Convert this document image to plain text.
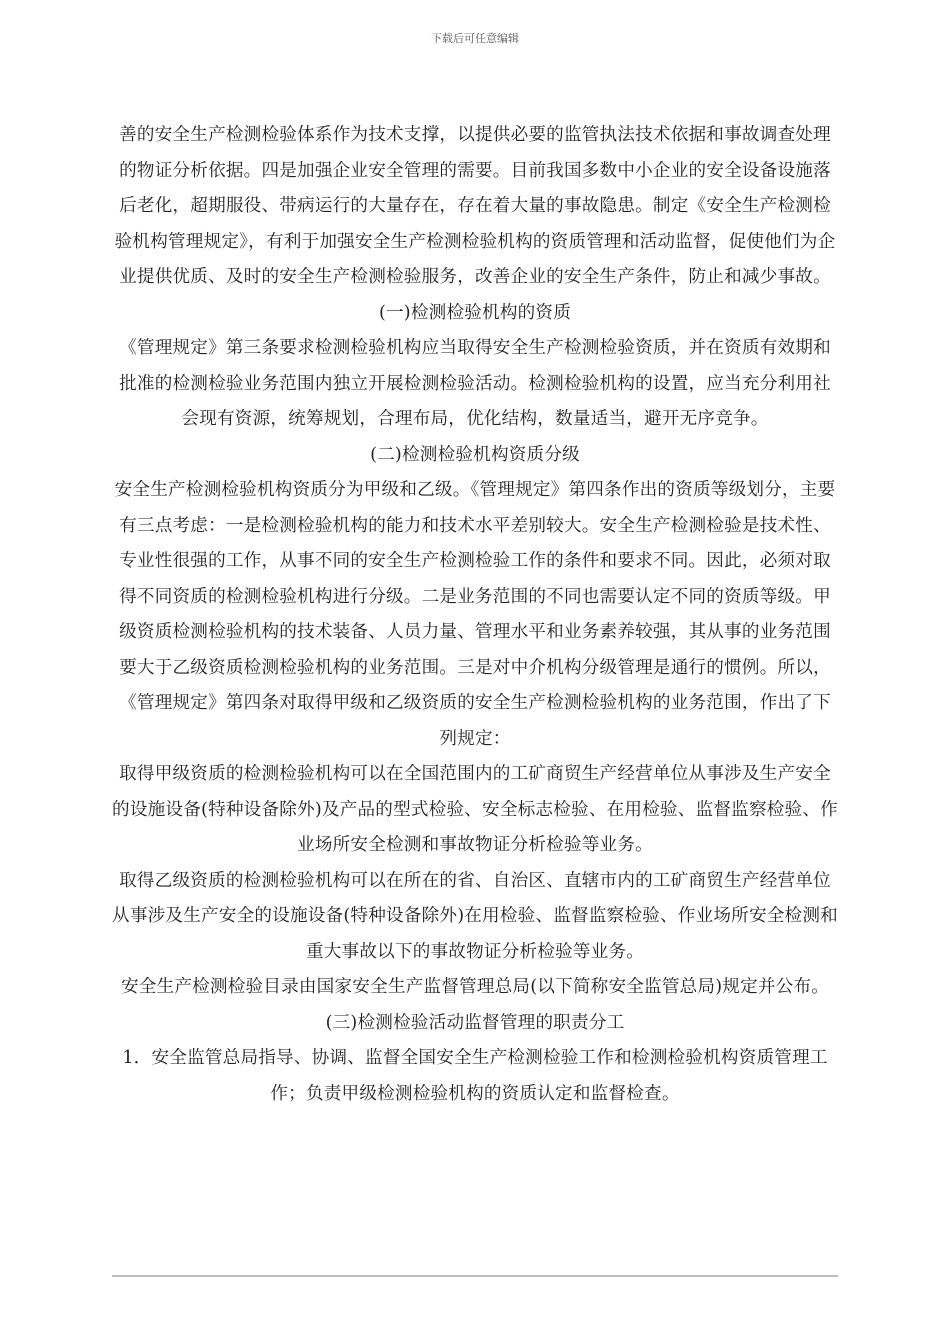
下载后可任意编辑

善的安全生产检测检验体系作为技术支撑，以提供必要的监管执法技术依据和事故调查处理的物证分析依据。四是加强企业安全管理的需要。目前我国多数中小企业的安全设备设施落后老化，超期服役、带病运行的大量存在，存在着大量的事故隐患。制定《安全生产检测检验机构管理规定》，有利于加强安全生产检测检验机构的资质管理和活动监督，促使他们为企业提供优质、及时的安全生产检测检验服务，改善企业的安全生产条件，防止和减少事故。

(一)检测检验机构的资质

《管理规定》第三条要求检测检验机构应当取得安全生产检测检验资质，并在资质有效期和批准的检测检验业务范围内独立开展检测检验活动。检测检验机构的设置，应当充分利用社会现有资源，统筹规划，合理布局，优化结构，数量适当，避开无序竞争。

(二)检测检验机构资质分级

安全生产检测检验机构资质分为甲级和乙级。《管理规定》第四条作出的资质等级划分，主要有三点考虑：一是检测检验机构的能力和技术水平差别较大。安全生产检测检验是技术性、专业性很强的工作，从事不同的安全生产检测检验工作的条件和要求不同。因此，必须对取得不同资质的检测检验机构进行分级。二是业务范围的不同也需要认定不同的资质等级。甲级资质检测检验机构的技术装备、人员力量、管理水平和业务素养较强，其从事的业务范围要大于乙级资质检测检验机构的业务范围。三是对中介机构分级管理是通行的惯例。所以，《管理规定》第四条对取得甲级和乙级资质的安全生产检测检验机构的业务范围，作出了下列规定：

取得甲级资质的检测检验机构可以在全国范围内的工矿商贸生产经营单位从事涉及生产安全的设施设备(特种设备除外)及产品的型式检验、安全标志检验、在用检验、监督监察检验、作业场所安全检测和事故物证分析检验等业务。

取得乙级资质的检测检验机构可以在所在的省、自治区、直辖市内的工矿商贸生产经营单位从事涉及生产安全的设施设备(特种设备除外)在用检验、监督监察检验、作业场所安全检测和重大事故以下的事故物证分析检验等业务。

安全生产检测检验目录由国家安全生产监督管理总局(以下简称安全监管总局)规定并公布。

(三)检测检验活动监督管理的职责分工

1．安全监管总局指导、协调、监督全国安全生产检测检验工作和检测检验机构资质管理工作；负责甲级检测检验机构的资质认定和监督检查。
